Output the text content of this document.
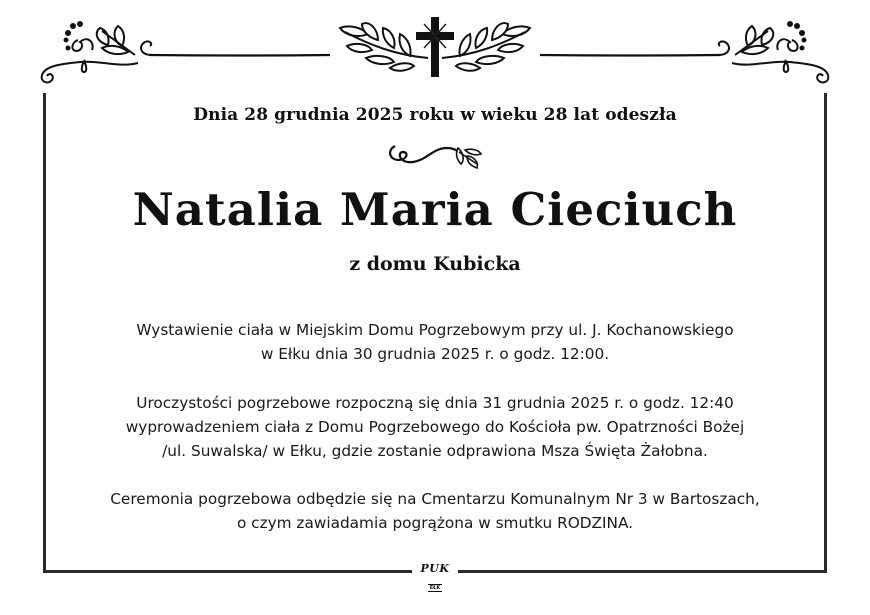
Dnia 28 grudnia 2025 roku w wieku 28 lat odeszła
Natalia Maria Cieciuch
z domu Kubicka
Wystawienie ciała w Miejskim Domu Pogrzebowym przy ul. J. Kochanowskiego
w Ełku dnia 30 grudnia 2025 r. o godz. 12:00.
Uroczystości pogrzebowe rozpoczną się dnia 31 grudnia 2025 r. o godz. 12:40
wyprowadzeniem ciała z Domu Pogrzebowego do Kościoła pw. Opatrzności Bożej
/ul. Suwalska/ w Ełku, gdzie zostanie odprawiona Msza Święta Żałobna.
Ceremonia pogrzebowa odbędzie się na Cmentarzu Komunalnym Nr 3 w Bartoszach,
o czym zawiadamia pogrążona w smutku RODZINA.
PUK
EŁK
